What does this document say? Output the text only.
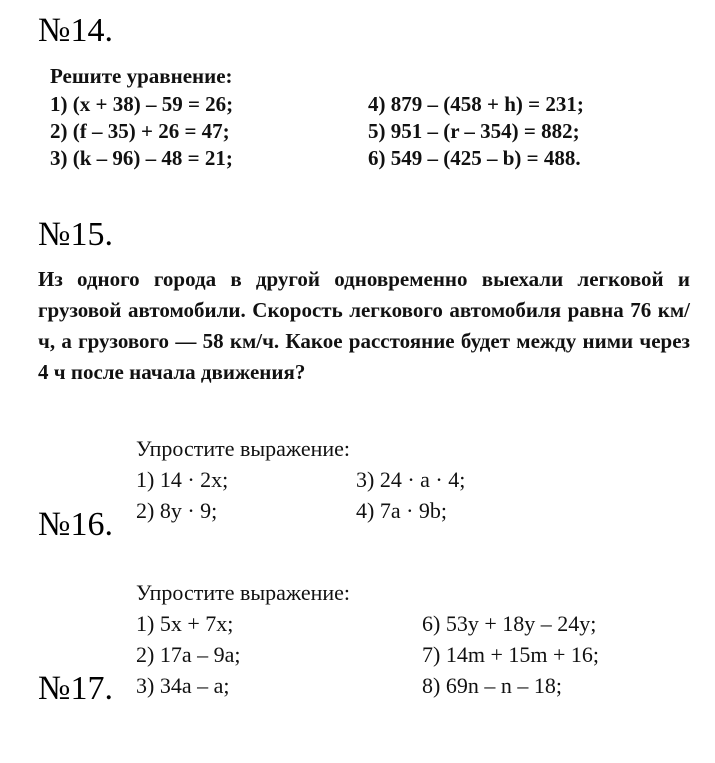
№14.
Решите уравнение:
1) (x + 38) – 59 = 26;	4) 879 – (458 + h) = 231;
2) (f – 35) + 26 = 47;	5) 951 – (r – 354) = 882;
3) (k – 96) – 48 = 21;	6) 549 – (425 – b) = 488.
№15.
Из одного города в другой одновременно выехали легковой и грузовой автомобили. Скорость легкового автомобиля равна 76 км/ч, а грузового — 58 км/ч. Какое расстояние будет между ними через 4 ч после начала движения?
№16.
Упростите выражение:
1) 14 · 2x;	3) 24 · a · 4;
2) 8y · 9;	4) 7a · 9b;
№17.
Упростите выражение:
1) 5x + 7x;	6) 53y + 18y – 24y;
2) 17a – 9a;	7) 14m + 15m + 16;
3) 34a – a;	8) 69n – n – 18;
